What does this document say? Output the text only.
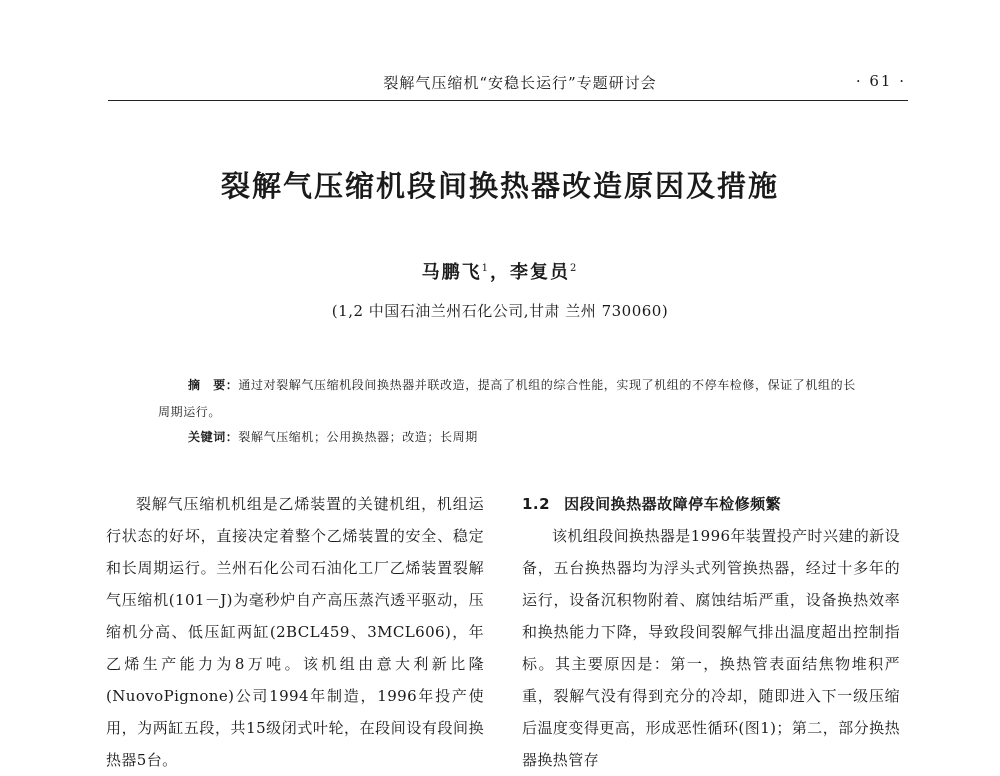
裂解气压缩机“安稳长运行”专题研讨会	· 61 ·
裂解气压缩机段间换热器改造原因及措施
马鹏飞$^1$，李复员$^2$
(1,2 中国石油兰州石化公司,甘肃 兰州 730060)

摘　要：通过对裂解气压缩机段间换热器并联改造，提高了机组的综合性能，实现了机组的不停车检修，保证了机组的长周期运行。

关键词：裂解气压缩机；公用换热器；改造；长周期

裂解气压缩机机组是乙烯装置的关键机组，机组运行状态的好坏，直接决定着整个乙烯装置的安全、稳定和长周期运行。兰州石化公司石油化工厂乙烯装置裂解气压缩机(101－J)为毫秒炉自产高压蒸汽透平驱动，压缩机分高、低压缸两缸(2BCL459、3MCL606)，年乙烯生产能力为8万吨。该机组由意大利新比隆(NuovoPignone)公司1994年制造，1996年投产使用，为两缸五段，共15级闭式叶轮，在段间设有段间换热器5台。

1.2 因段间换热器故障停车检修频繁

该机组段间换热器是1996年装置投产时兴建的新设备，五台换热器均为浮头式列管换热器，经过十多年的运行，设备沉积物附着、腐蚀结垢严重，设备换热效率和换热能力下降，导致段间裂解气排出温度超出控制指标。其主要原因是：第一，换热管表面结焦物堆积严重，裂解气没有得到充分的冷却，随即进入下一级压缩后温度变得更高，形成恶性循环(图1)；第二，部分换热器换热管存
